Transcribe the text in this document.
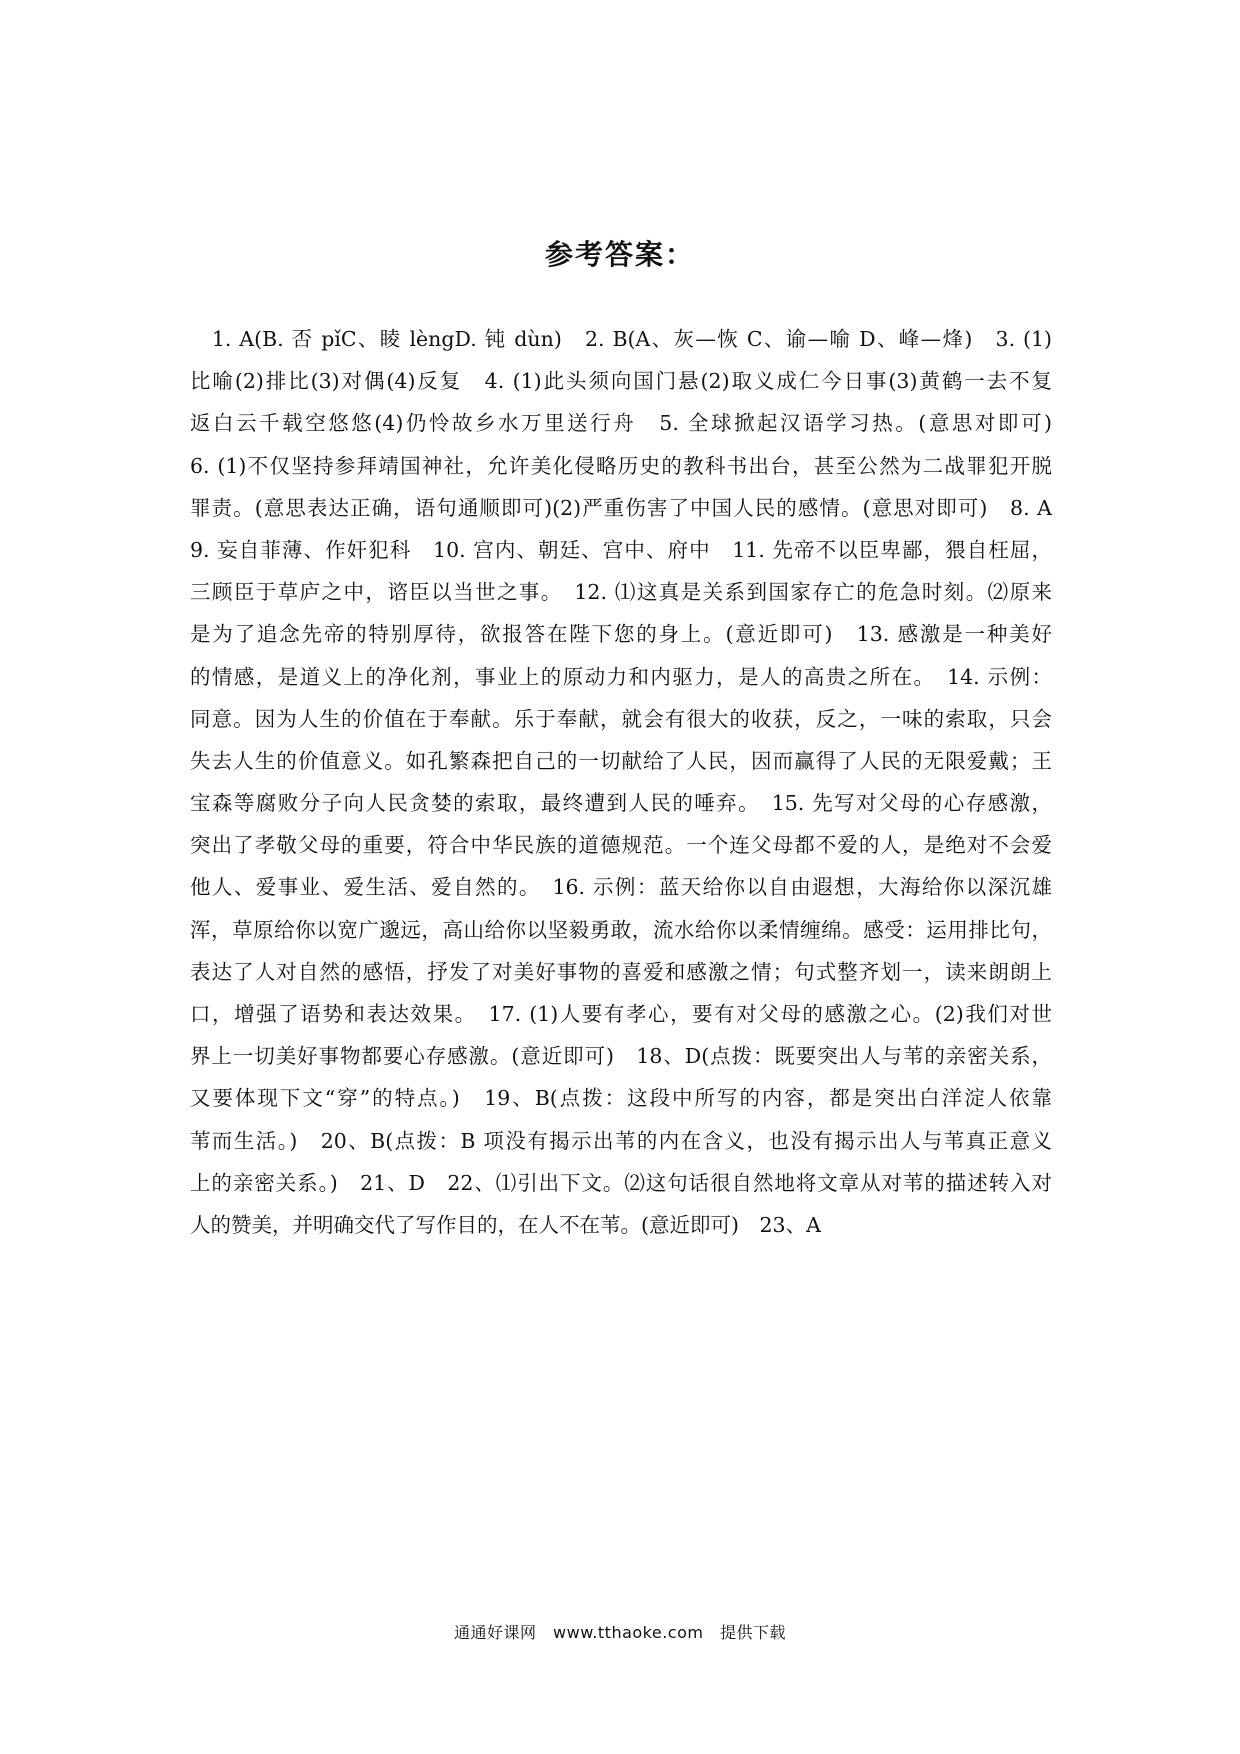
参考答案：
　1. A(B. 否 pǐC、睖 lèngD. 钝 dùn)　2. B(A、灰—恢 C、谕—喻 D、峰—烽)　3. (1)
比喻(2)排比(3)对偶(4)反复　4. (1)此头须向国门悬(2)取义成仁今日事(3)黄鹤一去不复
返白云千载空悠悠(4)仍怜故乡水万里送行舟　5. 全球掀起汉语学习热。(意思对即可)
6. (1)不仅坚持参拜靖国神社，允许美化侵略历史的教科书出台，甚至公然为二战罪犯开脱
罪责。(意思表达正确，语句通顺即可)(2)严重伤害了中国人民的感情。(意思对即可)　8. A
9. 妄自菲薄、作奸犯科　10. 宫内、朝廷、宫中、府中　11. 先帝不以臣卑鄙，猥自枉屈，
三顾臣于草庐之中，谘臣以当世之事。　12. ⑴这真是关系到国家存亡的危急时刻。⑵原来
是为了追念先帝的特别厚待，欲报答在陛下您的身上。(意近即可)　13. 感激是一种美好
的情感，是道义上的净化剂，事业上的原动力和内驱力，是人的高贵之所在。　14. 示例：
同意。因为人生的价值在于奉献。乐于奉献，就会有很大的收获，反之，一味的索取，只会
失去人生的价值意义。如孔繁森把自己的一切献给了人民，因而赢得了人民的无限爱戴；王
宝森等腐败分子向人民贪婪的索取，最终遭到人民的唾弃。　15. 先写对父母的心存感激，
突出了孝敬父母的重要，符合中华民族的道德规范。一个连父母都不爱的人，是绝对不会爱
他人、爱事业、爱生活、爱自然的。　16. 示例：蓝天给你以自由遐想，大海给你以深沉雄
浑，草原给你以宽广邈远，高山给你以坚毅勇敢，流水给你以柔情缠绵。感受：运用排比句，
表达了人对自然的感悟，抒发了对美好事物的喜爱和感激之情；句式整齐划一，读来朗朗上
口，增强了语势和表达效果。　17. (1)人要有孝心，要有对父母的感激之心。(2)我们对世
界上一切美好事物都要心存感激。(意近即可)　18、D(点拨：既要突出人与苇的亲密关系，
又要体现下文“穿”的特点。)　19、B(点拨：这段中所写的内容，都是突出白洋淀人依靠
苇而生活。)　20、B(点拨：B 项没有揭示出苇的内在含义，也没有揭示出人与苇真正意义
上的亲密关系。)　21、D　22、⑴引出下文。⑵这句话很自然地将文章从对苇的描述转入对
人的赞美，并明确交代了写作目的，在人不在苇。(意近即可)　23、A
通通好课网　www.tthaoke.com　提供下载
